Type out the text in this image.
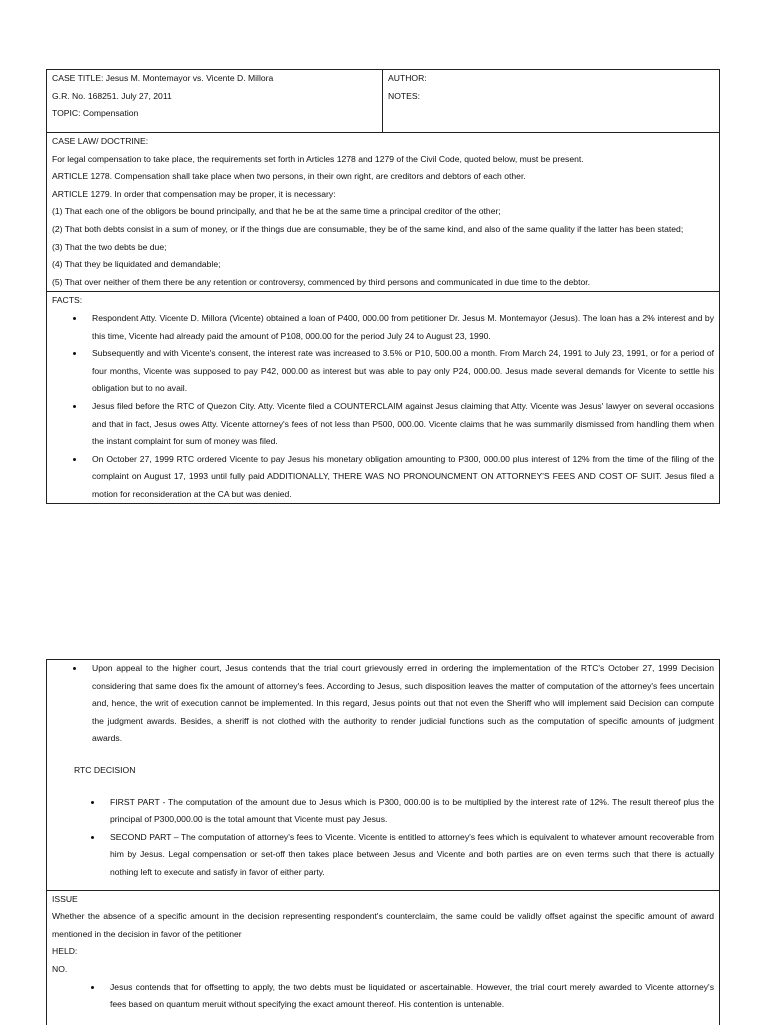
CASE TITLE: Jesus M. Montemayor vs. Vicente D. Millora
G.R. No. 168251. July 27, 2011
TOPIC: Compensation
AUTHOR:
NOTES:
CASE LAW/ DOCTRINE:
For legal compensation to take place, the requirements set forth in Articles 1278 and 1279 of the Civil Code, quoted below, must be present.
ARTICLE 1278. Compensation shall take place when two persons, in their own right, are creditors and debtors of each other.
ARTICLE 1279. In order that compensation may be proper, it is necessary:
(1) That each one of the obligors be bound principally, and that he be at the same time a principal creditor of the other;
(2) That both debts consist in a sum of money, or if the things due are consumable, they be of the same kind, and also of the same quality if the latter has been stated;
(3) That the two debts be due;
(4) That they be liquidated and demandable;
(5) That over neither of them there be any retention or controversy, commenced by third persons and communicated in due time to the debtor.
FACTS:
Respondent Atty. Vicente D. Millora (Vicente) obtained a loan of P400, 000.00 from petitioner Dr. Jesus M. Montemayor (Jesus). The loan has a 2% interest and by this time, Vicente had already paid the amount of P108, 000.00 for the period July 24 to August 23, 1990.
Subsequently and with Vicente's consent, the interest rate was increased to 3.5% or P10, 500.00 a month. From March 24, 1991 to July 23, 1991, or for a period of four months, Vicente was supposed to pay P42, 000.00 as interest but was able to pay only P24, 000.00. Jesus made several demands for Vicente to settle his obligation but to no avail.
Jesus filed before the RTC of Quezon City. Atty. Vicente filed a COUNTERCLAIM against Jesus claiming that Atty. Vicente was Jesus' lawyer on several occasions and that in fact, Jesus owes Atty. Vicente attorney's fees of not less than P500, 000.00. Vicente claims that he was summarily dismissed from handling them when the instant complaint for sum of money was filed.
On October 27, 1999 RTC ordered Vicente to pay Jesus his monetary obligation amounting to P300, 000.00 plus interest of 12% from the time of the filing of the complaint on August 17, 1993 until fully paid ADDITIONALLY, THERE WAS NO PRONOUNCMENT ON ATTORNEY'S FEES AND COST OF SUIT. Jesus filed a motion for reconsideration at the CA but was denied.
Upon appeal to the higher court, Jesus contends that the trial court grievously erred in ordering the implementation of the RTC's October 27, 1999 Decision considering that same does fix the amount of attorney's fees. According to Jesus, such disposition leaves the matter of computation of the attorney's fees uncertain and, hence, the writ of execution cannot be implemented. In this regard, Jesus points out that not even the Sheriff who will implement said Decision can compute the judgment awards. Besides, a sheriff is not clothed with the authority to render judicial functions such as the computation of specific amounts of judgment awards.
RTC DECISION
FIRST PART - The computation of the amount due to Jesus which is P300, 000.00 is to be multiplied by the interest rate of 12%. The result thereof plus the principal of P300,000.00 is the total amount that Vicente must pay Jesus.
SECOND PART – The computation of attorney's fees to Vicente. Vicente is entitled to attorney's fees which is equivalent to whatever amount recoverable from him by Jesus. Legal compensation or set-off then takes place between Jesus and Vicente and both parties are on even terms such that there is actually nothing left to execute and satisfy in favor of either party.
ISSUE
Whether the absence of a specific amount in the decision representing respondent's counterclaim, the same could be validly offset against the specific amount of award mentioned in the decision in favor of the petitioner
HELD:
NO.
Jesus contends that for offsetting to apply, the two debts must be liquidated or ascertainable. However, the trial court merely awarded to Vicente attorney's fees based on quantum meruit without specifying the exact amount thereof. His contention is untenable.
